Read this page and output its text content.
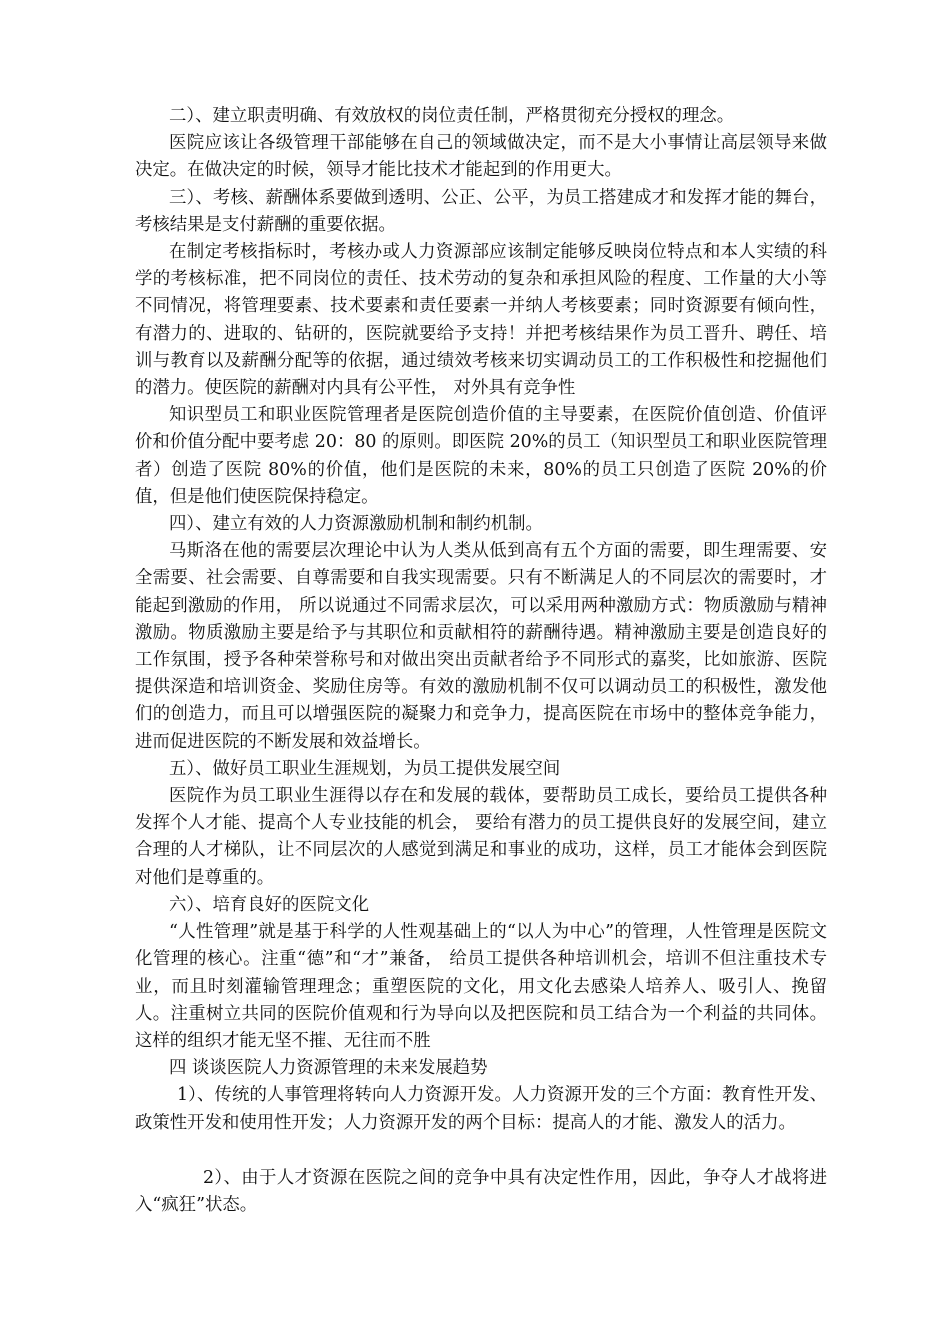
二）、建立职责明确、有效放权的岗位责任制，严格贯彻充分授权的理念。

医院应该让各级管理干部能够在自己的领域做决定，而不是大小事情让高层领导来做决定。在做决定的时候，领导才能比技术才能起到的作用更大。

三）、考核、薪酬体系要做到透明、公正、公平，为员工搭建成才和发挥才能的舞台，考核结果是支付薪酬的重要依据。

在制定考核指标时，考核办或人力资源部应该制定能够反映岗位特点和本人实绩的科学的考核标准，把不同岗位的责任、技术劳动的复杂和承担风险的程度、工作量的大小等不同情况，将管理要素、技术要素和责任要素一并纳人考核要素；同时资源要有倾向性，有潜力的、进取的、钻研的，医院就要给予支持！并把考核结果作为员工晋升、聘任、培训与教育以及薪酬分配等的依据，通过绩效考核来切实调动员工的工作积极性和挖掘他们的潜力。使医院的薪酬对内具有公平性， 对外具有竞争性

知识型员工和职业医院管理者是医院创造价值的主导要素，在医院价值创造、价值评价和价值分配中要考虑 20：80 的原则。即医院 20%的员工（知识型员工和职业医院管理者）创造了医院 80%的价值，他们是医院的未来，80%的员工只创造了医院 20%的价值，但是他们使医院保持稳定。

四）、建立有效的人力资源激励机制和制约机制。

马斯洛在他的需要层次理论中认为人类从低到高有五个方面的需要，即生理需要、安全需要、社会需要、自尊需要和自我实现需要。只有不断满足人的不同层次的需要时，才能起到激励的作用， 所以说通过不同需求层次，可以采用两种激励方式：物质激励与精神激励。物质激励主要是给予与其职位和贡献相符的薪酬待遇。精神激励主要是创造良好的工作氛围，授予各种荣誉称号和对做出突出贡献者给予不同形式的嘉奖，比如旅游、医院提供深造和培训资金、奖励住房等。有效的激励机制不仅可以调动员工的积极性，激发他们的创造力，而且可以增强医院的凝聚力和竞争力，提高医院在市场中的整体竞争能力，进而促进医院的不断发展和效益增长。

五）、做好员工职业生涯规划，为员工提供发展空间

医院作为员工职业生涯得以存在和发展的载体，要帮助员工成长，要给员工提供各种发挥个人才能、提高个人专业技能的机会， 要给有潜力的员工提供良好的发展空间，建立合理的人才梯队，让不同层次的人感觉到满足和事业的成功，这样，员工才能体会到医院对他们是尊重的。

六）、培育良好的医院文化

“人性管理”就是基于科学的人性观基础上的“以人为中心”的管理，人性管理是医院文化管理的核心。注重“德”和“才”兼备， 给员工提供各种培训机会，培训不但注重技术专业，而且时刻灌输管理理念；重塑医院的文化，用文化去感染人培养人、吸引人、挽留人。注重树立共同的医院价值观和行为导向以及把医院和员工结合为一个利益的共同体。这样的组织才能无坚不摧、无往而不胜

四 谈谈医院人力资源管理的未来发展趋势

1）、传统的人事管理将转向人力资源开发。人力资源开发的三个方面：教育性开发、政策性开发和使用性开发；人力资源开发的两个目标：提高人的才能、激发人的活力。

2）、由于人才资源在医院之间的竞争中具有决定性作用，因此，争夺人才战将进入“疯狂”状态。
